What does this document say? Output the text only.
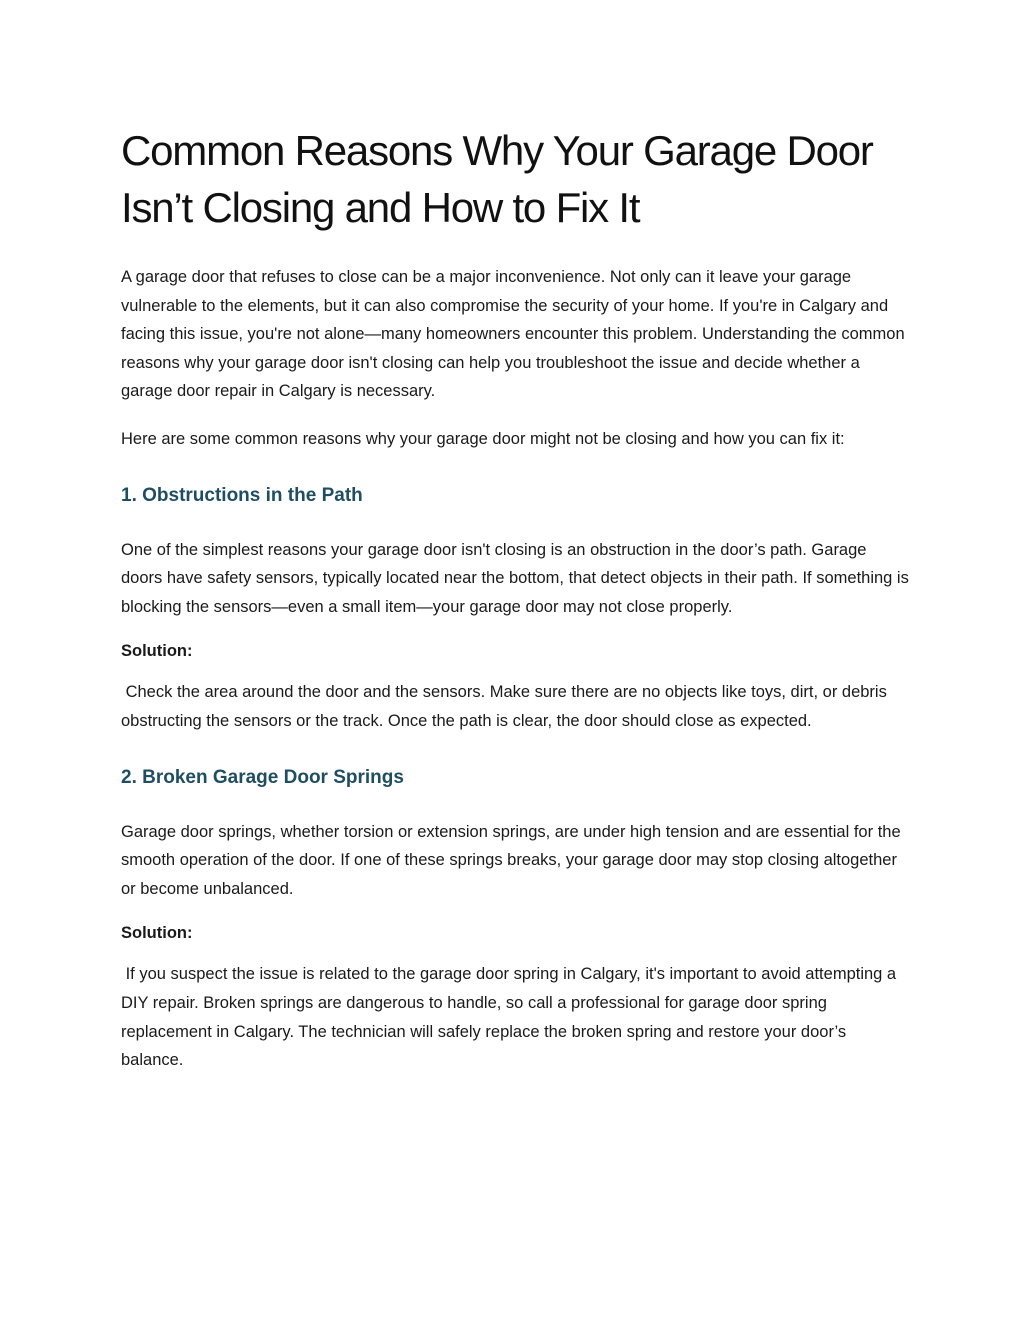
Common Reasons Why Your Garage Door Isn’t Closing and How to Fix It

A garage door that refuses to close can be a major inconvenience. Not only can it leave your garage vulnerable to the elements, but it can also compromise the security of your home. If you're in Calgary and facing this issue, you're not alone—many homeowners encounter this problem. Understanding the common reasons why your garage door isn't closing can help you troubleshoot the issue and decide whether a garage door repair in Calgary is necessary.

Here are some common reasons why your garage door might not be closing and how you can fix it:

1. Obstructions in the Path

One of the simplest reasons your garage door isn't closing is an obstruction in the door’s path. Garage doors have safety sensors, typically located near the bottom, that detect objects in their path. If something is blocking the sensors—even a small item—your garage door may not close properly.

Solution:

Check the area around the door and the sensors. Make sure there are no objects like toys, dirt, or debris obstructing the sensors or the track. Once the path is clear, the door should close as expected.

2. Broken Garage Door Springs

Garage door springs, whether torsion or extension springs, are under high tension and are essential for the smooth operation of the door. If one of these springs breaks, your garage door may stop closing altogether or become unbalanced.

Solution:

If you suspect the issue is related to the garage door spring in Calgary, it's important to avoid attempting a DIY repair. Broken springs are dangerous to handle, so call a professional for garage door spring replacement in Calgary. The technician will safely replace the broken spring and restore your door’s balance.
